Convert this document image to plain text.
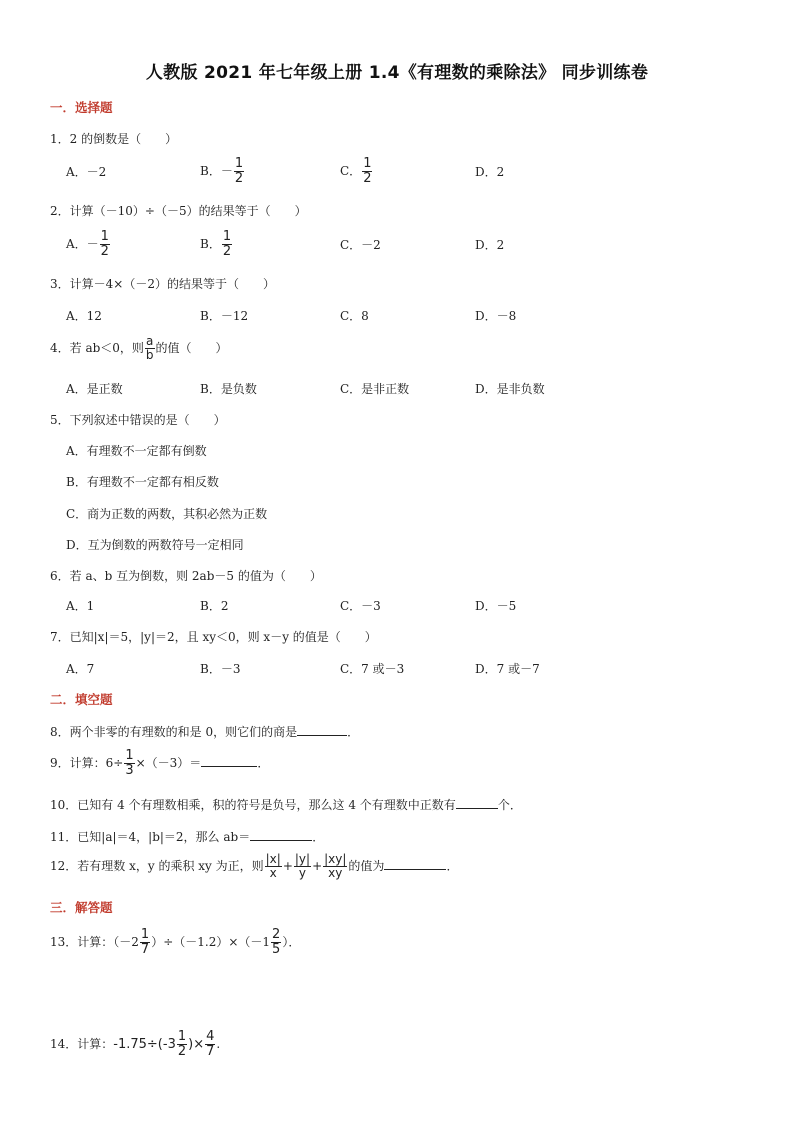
人教版 2021 年七年级上册 1.4《有理数的乘除法》 同步训练卷
一．选择题
1．2 的倒数是（　　）
A．－2	B．－ $\frac{1}{2}$	C． $\frac{1}{2}$	D．2
2．计算（－10）÷（－5）的结果等于（　　）
A．－ $\frac{1}{2}$	B． $\frac{1}{2}$	C．－2	D．2
3．计算－4×（－2）的结果等于（　　）
A．12	B．－12	C．8	D．－8
4．若 ab＜0，则 $\frac{a}{b}$ 的值（　　）
A．是正数	B．是负数	C．是非正数	D．是非负数
5．下列叙述中错误的是（　　）
A．有理数不一定都有倒数
B．有理数不一定都有相反数
C．商为正数的两数，其积必然为正数
D．互为倒数的两数符号一定相同
6．若 a、b 互为倒数，则 2ab－5 的值为（　　）
A．1	B．2	C．－3	D．－5
7．已知|x|＝5，|y|＝2，且 xy＜0，则 x－y 的值是（　　）
A．7	B．－3	C．7 或－3	D．7 或－7
二．填空题
8．两个非零的有理数的和是 0，则它们的商是	．
9．计算：$6\div \frac{1}{3} \times(-3)=$	．
10．已知有 4 个有理数相乘，积的符号是负号，那么这 4 个有理数中正数有	个．
11．已知|a|＝4，|b|＝2，那么 ab＝	．
12．若有理数 x，y 的乘积 xy 为正，则 $\frac{|x|}{x} + \frac{|y|}{y} + \frac{|xy|}{xy}$ 的值为	．
三．解答题
13．计算：$(-2 \frac{1}{7} )\div(-1.2)\times(-1 \frac{2}{5}$ ）．
14．计算：$-1.75\div(-3 \frac{1}{2}$ )× $\frac{4}{7}$ .
